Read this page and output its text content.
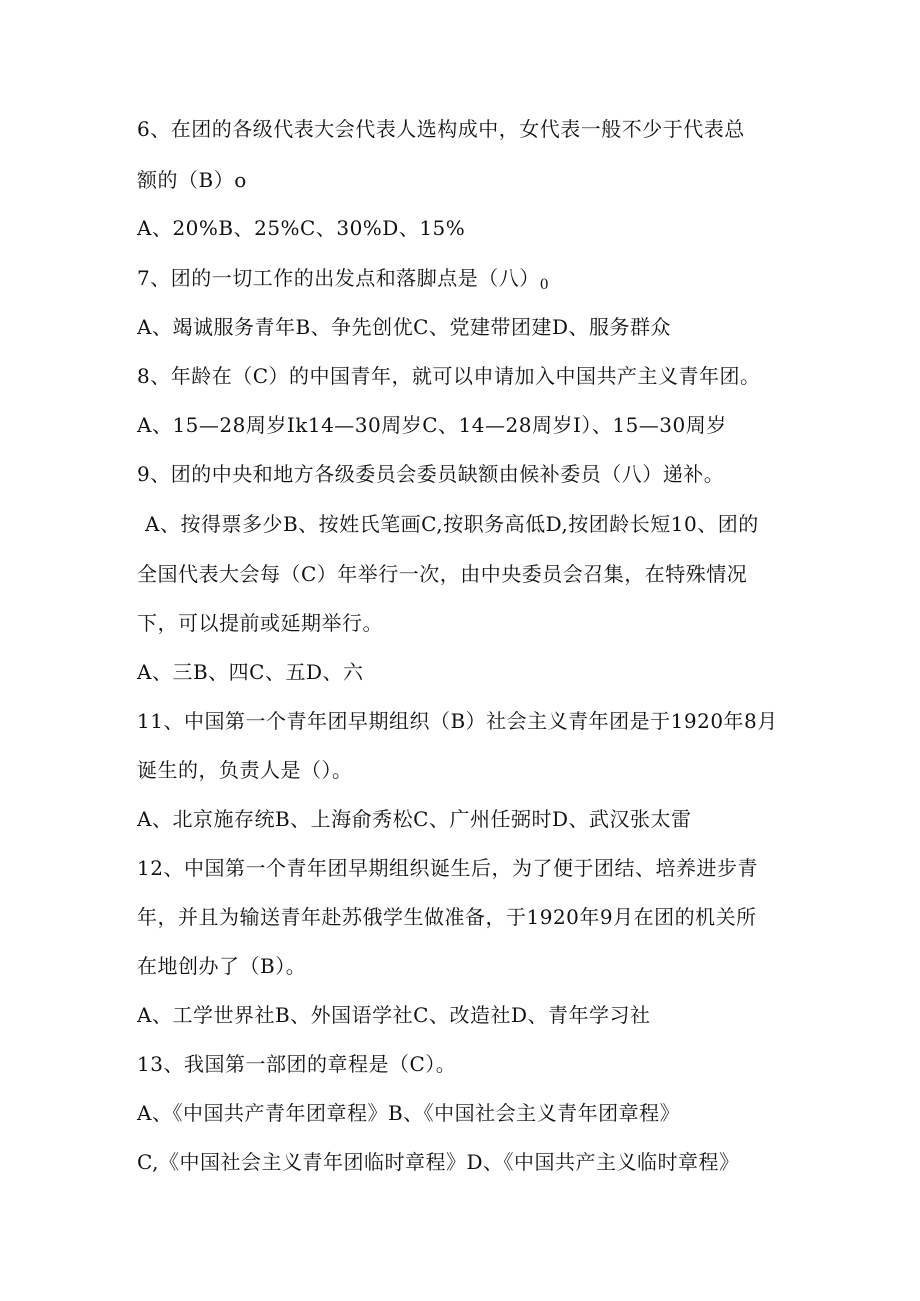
6、在团的各级代表大会代表人选构成中，女代表一般不少于代表总

额的（B）o

A、20%B、25%C、30%D、15%

7、团的一切工作的出发点和落脚点是（八）$_0$

A、竭诚服务青年B、争先创优C、党建带团建D、服务群众

8、年龄在（C）的中国青年，就可以申请加入中国共产主义青年团。

A、15—28周岁Ik14—30周岁C、14—28周岁I）、15—30周岁

9、团的中央和地方各级委员会委员缺额由候补委员（八）递补。

A、按得票多少B、按姓氏笔画C,按职务高低D,按团龄长短10、团的

全国代表大会每（C）年举行一次，由中央委员会召集，在特殊情况

下，可以提前或延期举行。

A、三B、四C、五D、六

11、中国第一个青年团早期组织（B）社会主义青年团是于1920年8月

诞生的，负责人是（）。

A、北京施存统B、上海俞秀松C、广州任弼时D、武汉张太雷

12、中国第一个青年团早期组织诞生后，为了便于团结、培养进步青

年，并且为输送青年赴苏俄学生做准备，于1920年9月在团的机关所

在地创办了（B）。

A、工学世界社B、外国语学社C、改造社D、青年学习社

13、我国第一部团的章程是（C）。

A、《中国共产青年团章程》B、《中国社会主义青年团章程》

C,《中国社会主义青年团临时章程》D、《中国共产主义临时章程》
